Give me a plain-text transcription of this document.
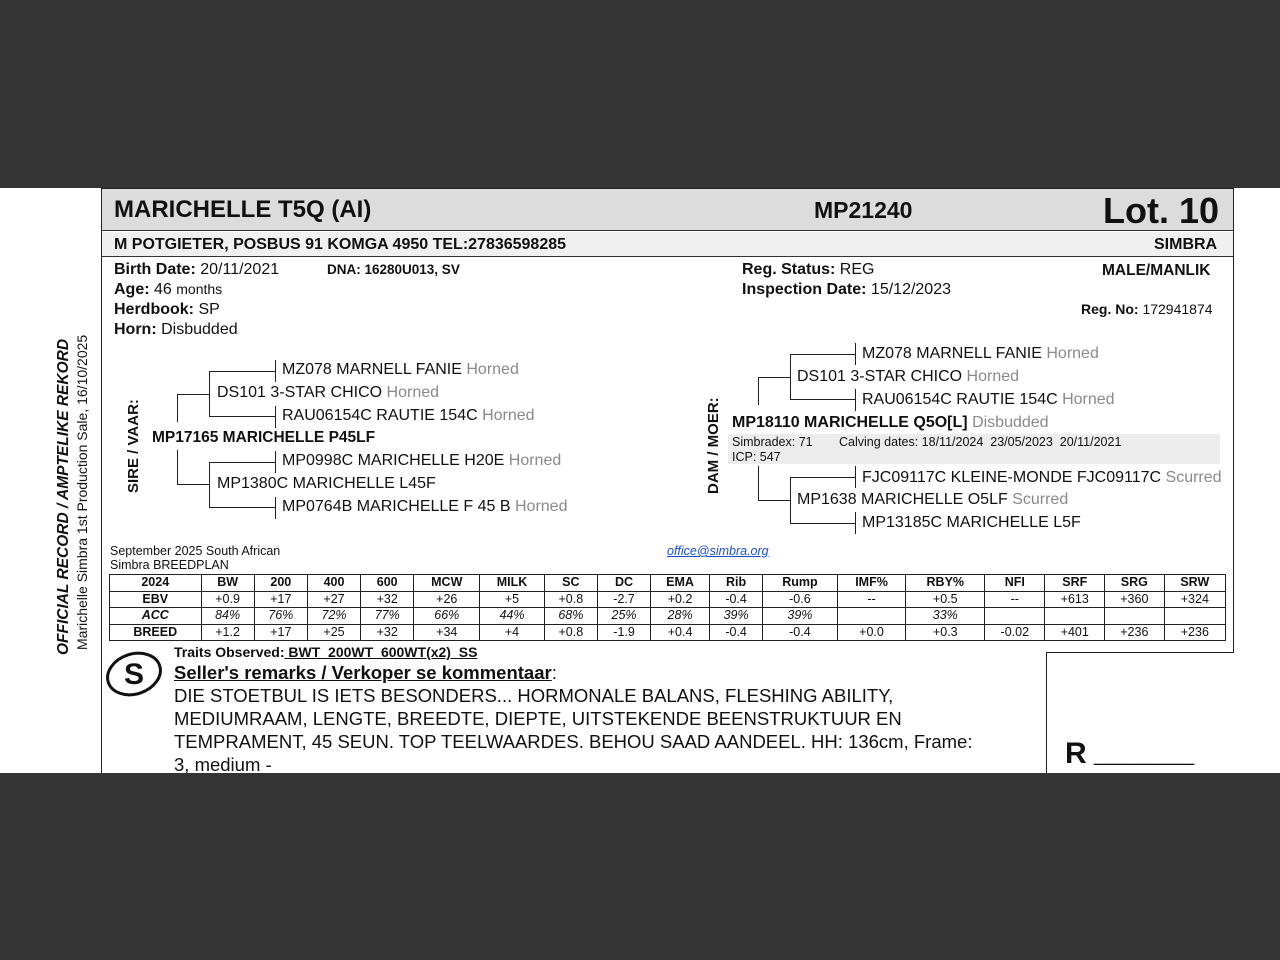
MARICHELLE T5Q (AI)	MP21240	Lot. 10
M POTGIETER, POSBUS 91 KOMGA 4950 TEL:27836598285	SIMBRA
OFFICIAL RECORD / AMPTELIKE REKORD Marichelle Simbra 1st Production Sale, 16/10/2025
Birth Date: 20/11/2021	DNA: 16280U013, SV
Age: 46 months
Herdbook: SP
Horn: Disbudded
Reg. Status: REG
Inspection Date: 15/12/2023
MALE/MANLIK
Reg. No: 172941874
SIRE / VAAR: MP17165 MARICHELLE P45LF
DS101 3-STAR CHICO Horned
MZ078 MARNELL FANIE Horned
RAU06154C RAUTIE 154C Horned
MP1380C MARICHELLE L45F
MP0998C MARICHELLE H20E Horned
MP0764B MARICHELLE F 45 B Horned
DAM / MOER:
DS101 3-STAR CHICO Horned
MZ078 MARNELL FANIE Horned
RAU06154C RAUTIE 154C Horned
MP18110 MARICHELLE Q5O[L] Disbudded
Simbradex: 71 Calving dates: 18/11/2024  23/05/2023  20/11/2021
ICP: 547
MP1638 MARICHELLE O5LF Scurred
FJC09117C KLEINE-MONDE FJC09117C Scurred
MP13185C MARICHELLE L5F
September 2025 South African
Simbra BREEDPLAN
office@simbra.org
2024	BW	200	400	600	MCW	MILK	SC	DC	EMA	Rib	Rump	IMF%	RBY%	NFI	SRF	SRG	SRW
EBV	+0.9	+17	+27	+32	+26	+5	+0.8	-2.7	+0.2	-0.4	-0.6	--	+0.5	--	+613	+360	+324
ACC	84%	76%	72%	77%	66%	44%	68%	25%	28%	39%	39%		33%				
BREED	+1.2	+17	+25	+32	+34	+4	+0.8	-1.9	+0.4	-0.4	-0.4	+0.0	+0.3	-0.02	+401	+236	+236
S
Traits Observed: BWT  200WT  600WT(x2)  SS
Seller's remarks / Verkoper se kommentaar:
DIE STOETBUL IS IETS BESONDERS... HORMONALE BALANS, FLESHING ABILITY,
MEDIUMRAAM, LENGTE, BREEDTE, DIEPTE, UITSTEKENDE BEENSTRUKTUUR EN
TEMPRAMENT, 45 SEUN. TOP TEELWAARDES. BEHOU SAAD AANDEEL. HH: 136cm, Frame:
3, medium -	R _________
